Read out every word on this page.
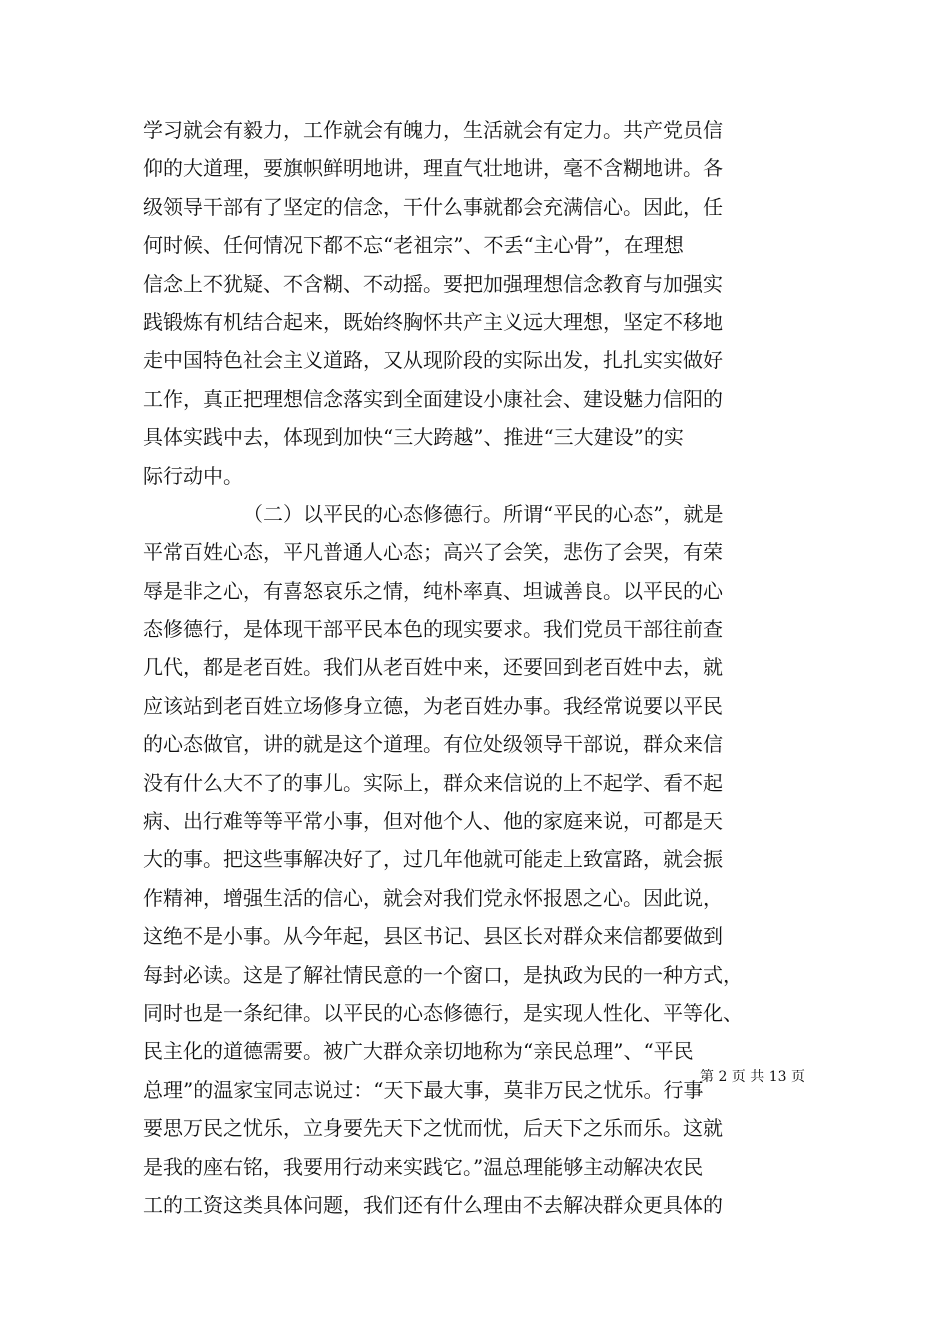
学习就会有毅力，工作就会有魄力，生活就会有定力。共产党员信
仰的大道理，要旗帜鲜明地讲，理直气壮地讲，毫不含糊地讲。各
级领导干部有了坚定的信念，干什么事就都会充满信心。因此，任
何时候、任何情况下都不忘“老祖宗”、不丢“主心骨”，在理想
信念上不犹疑、不含糊、不动摇。要把加强理想信念教育与加强实
践锻炼有机结合起来，既始终胸怀共产主义远大理想，坚定不移地
走中国特色社会主义道路，又从现阶段的实际出发，扎扎实实做好
工作，真正把理想信念落实到全面建设小康社会、建设魅力信阳的
具体实践中去，体现到加快“三大跨越”、推进“三大建设”的实
际行动中。
（二）以平民的心态修德行。所谓“平民的心态”，就是
平常百姓心态，平凡普通人心态；高兴了会笑，悲伤了会哭，有荣
辱是非之心，有喜怒哀乐之情，纯朴率真、坦诚善良。以平民的心
态修德行，是体现干部平民本色的现实要求。我们党员干部往前查
几代，都是老百姓。我们从老百姓中来，还要回到老百姓中去，就
应该站到老百姓立场修身立德，为老百姓办事。我经常说要以平民
的心态做官，讲的就是这个道理。有位处级领导干部说，群众来信
没有什么大不了的事儿。实际上，群众来信说的上不起学、看不起
病、出行难等等平常小事，但对他个人、他的家庭来说，可都是天
大的事。把这些事解决好了，过几年他就可能走上致富路，就会振
作精神，增强生活的信心，就会对我们党永怀报恩之心。因此说，
这绝不是小事。从今年起，县区书记、县区长对群众来信都要做到
每封必读。这是了解社情民意的一个窗口，是执政为民的一种方式，
同时也是一条纪律。以平民的心态修德行，是实现人性化、平等化、
民主化的道德需要。被广大群众亲切地称为“亲民总理”、“平民
总理”的温家宝同志说过：“天下最大事，莫非万民之忧乐。行事
要思万民之忧乐，立身要先天下之忧而忧，后天下之乐而乐。这就
是我的座右铭，我要用行动来实践它。”温总理能够主动解决农民
工的工资这类具体问题，我们还有什么理由不去解决群众更具体的
第 2 页 共 13 页
